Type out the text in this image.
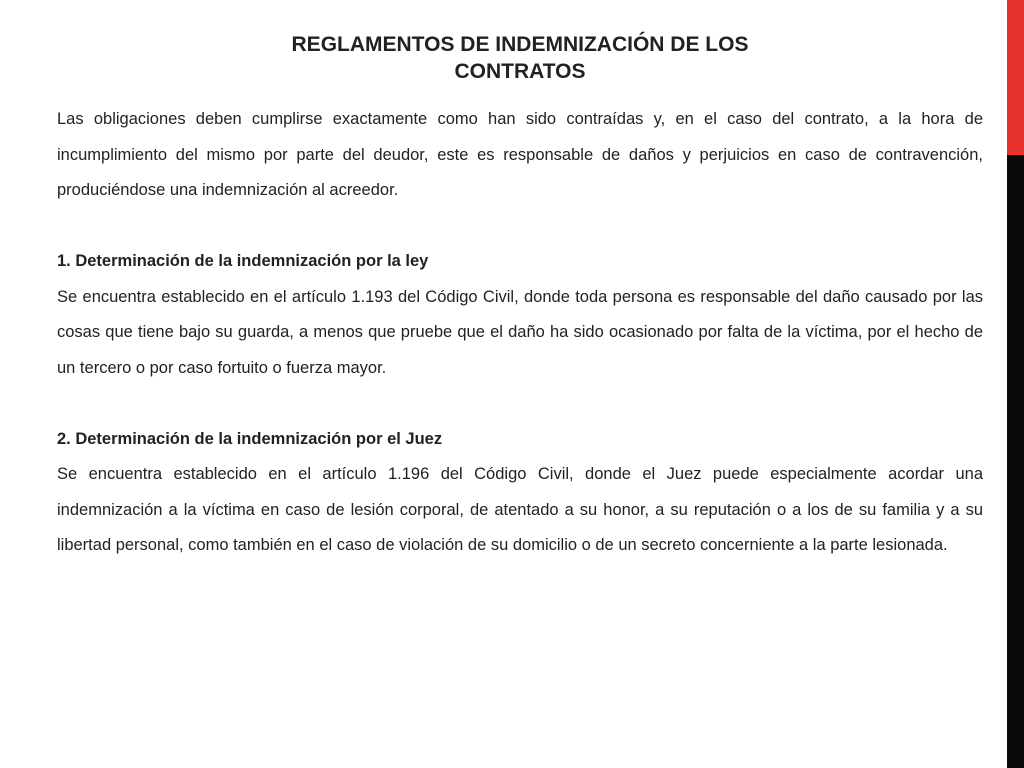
REGLAMENTOS DE INDEMNIZACIÓN DE LOS
CONTRATOS

Las obligaciones deben cumplirse exactamente como han sido contraídas y, en el caso del contrato, a la hora de incumplimiento del mismo por parte del deudor, este es responsable de daños y perjuicios en caso de contravención, produciéndose una indemnización al acreedor.

1. Determinación de la indemnización por la ley

Se encuentra establecido en el artículo 1.193 del Código Civil, donde toda persona es responsable del daño causado por las cosas que tiene bajo su guarda, a menos que pruebe que el daño ha sido ocasionado por falta de la víctima, por el hecho de un tercero o por caso fortuito o fuerza mayor.

2. Determinación de la indemnización por el Juez

Se encuentra establecido en el artículo 1.196 del Código Civil, donde el Juez puede especialmente acordar una indemnización a la víctima en caso de lesión corporal, de atentado a su honor, a su reputación o a los de su familia y a su libertad personal, como también en el caso de violación de su domicilio o de un secreto concerniente a la parte lesionada.
